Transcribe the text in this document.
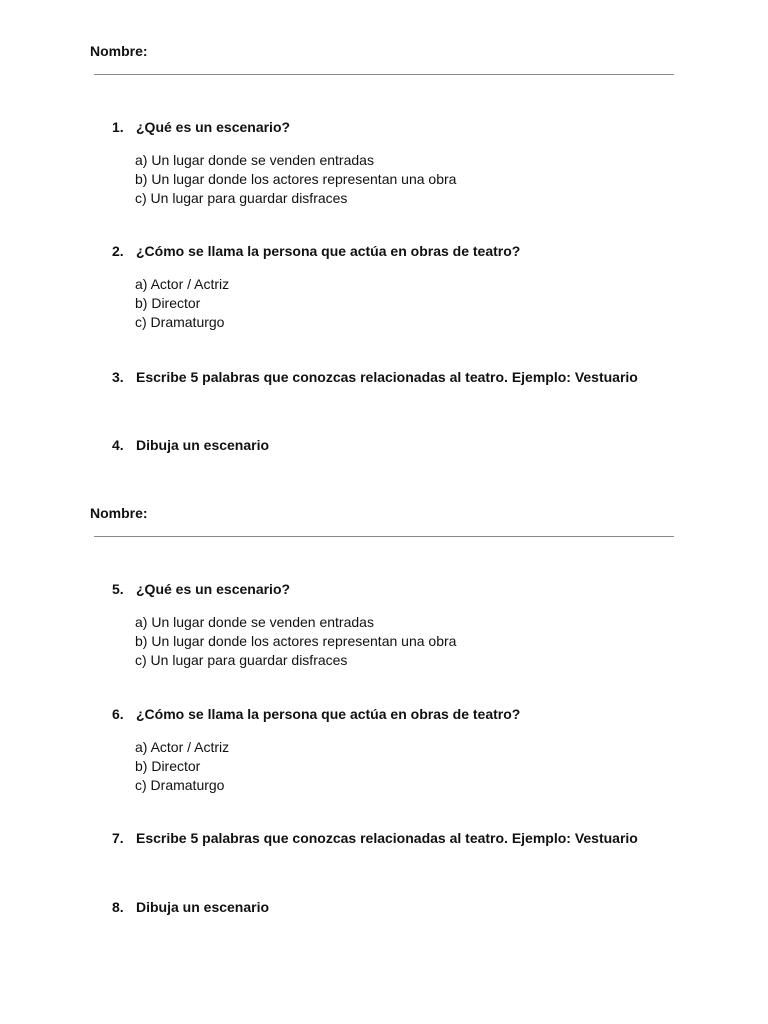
Nombre:
1. ¿Qué es un escenario?
a) Un lugar donde se venden entradas
b) Un lugar donde los actores representan una obra
c) Un lugar para guardar disfraces
2. ¿Cómo se llama la persona que actúa en obras de teatro?
a) Actor / Actriz
b) Director
c) Dramaturgo
3. Escribe 5 palabras que conozcas relacionadas al teatro. Ejemplo: Vestuario
4. Dibuja un escenario
Nombre:
5. ¿Qué es un escenario?
a) Un lugar donde se venden entradas
b) Un lugar donde los actores representan una obra
c) Un lugar para guardar disfraces
6. ¿Cómo se llama la persona que actúa en obras de teatro?
a) Actor / Actriz
b) Director
c) Dramaturgo
7. Escribe 5 palabras que conozcas relacionadas al teatro. Ejemplo: Vestuario
8. Dibuja un escenario
